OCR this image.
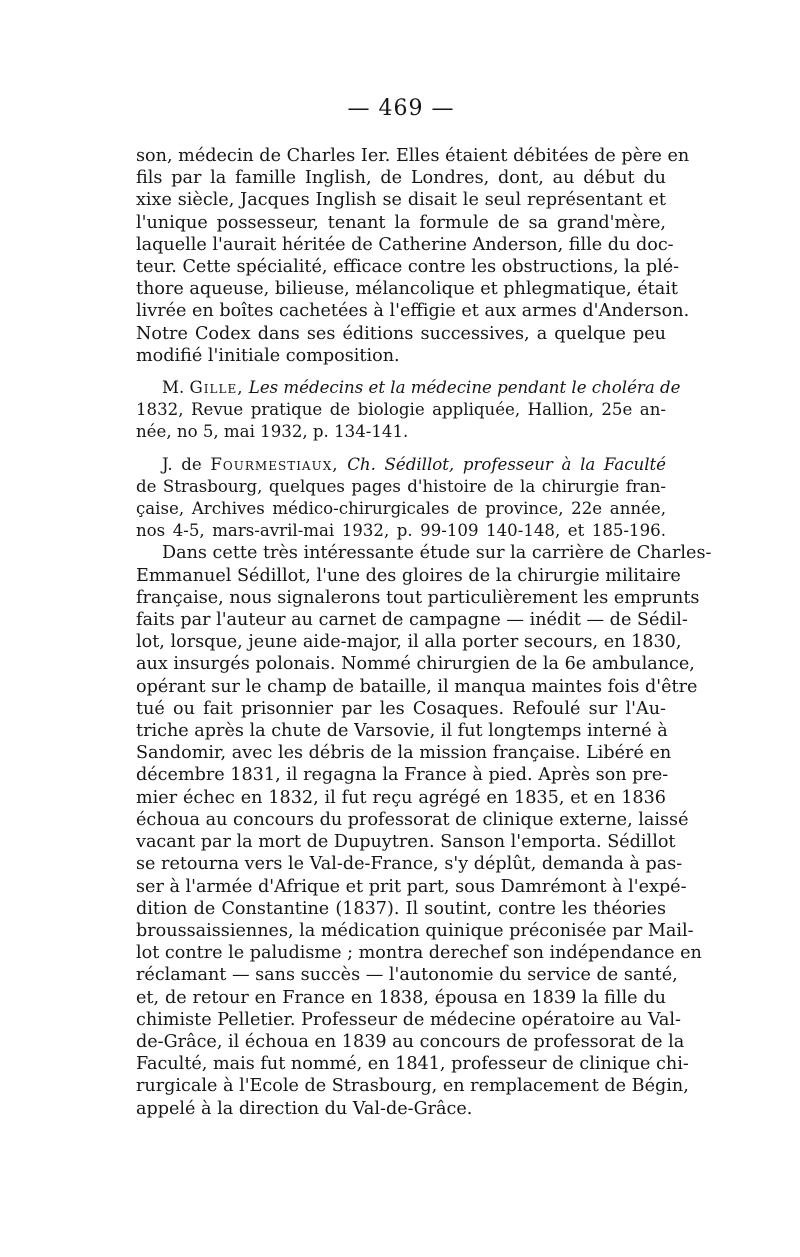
— 469 —
son, médecin de Charles Ier. Elles étaient débitées de père en
fils par la famille Inglish, de Londres, dont, au début du
xixe siècle, Jacques Inglish se disait le seul représentant et
l'unique possesseur, tenant la formule de sa grand'mère,
laquelle l'aurait héritée de Catherine Anderson, fille du doc-
teur. Cette spécialité, efficace contre les obstructions, la plé-
thore aqueuse, bilieuse, mélancolique et phlegmatique, était
livrée en boîtes cachetées à l'effigie et aux armes d'Anderson.
Notre Codex dans ses éditions successives, a quelque peu
modifié l'initiale composition.
M. Gille, Les médecins et la médecine pendant le choléra de
1832, Revue pratique de biologie appliquée, Hallion, 25e an-
née, no 5, mai 1932, p. 134-141.
J. de Fourmestiaux, Ch. Sédillot, professeur à la Faculté
de Strasbourg, quelques pages d'histoire de la chirurgie fran-
çaise, Archives médico-chirurgicales de province, 22e année,
nos 4-5, mars-avril-mai 1932, p. 99-109 140-148, et 185-196.
Dans cette très intéressante étude sur la carrière de Charles-
Emmanuel Sédillot, l'une des gloires de la chirurgie militaire
française, nous signalerons tout particulièrement les emprunts
faits par l'auteur au carnet de campagne — inédit — de Sédil-
lot, lorsque, jeune aide-major, il alla porter secours, en 1830,
aux insurgés polonais. Nommé chirurgien de la 6e ambulance,
opérant sur le champ de bataille, il manqua maintes fois d'être
tué ou fait prisonnier par les Cosaques. Refoulé sur l'Au-
triche après la chute de Varsovie, il fut longtemps interné à
Sandomir, avec les débris de la mission française. Libéré en
décembre 1831, il regagna la France à pied. Après son pre-
mier échec en 1832, il fut reçu agrégé en 1835, et en 1836
échoua au concours du professorat de clinique externe, laissé
vacant par la mort de Dupuytren. Sanson l'emporta. Sédillot
se retourna vers le Val-de-France, s'y déplût, demanda à pas-
ser à l'armée d'Afrique et prit part, sous Damrémont à l'expé-
dition de Constantine (1837). Il soutint, contre les théories
broussaissiennes, la médication quinique préconisée par Mail-
lot contre le paludisme ; montra derechef son indépendance en
réclamant — sans succès — l'autonomie du service de santé,
et, de retour en France en 1838, épousa en 1839 la fille du
chimiste Pelletier. Professeur de médecine opératoire au Val-
de-Grâce, il échoua en 1839 au concours de professorat de la
Faculté, mais fut nommé, en 1841, professeur de clinique chi-
rurgicale à l'Ecole de Strasbourg, en remplacement de Bégin,
appelé à la direction du Val-de-Grâce.
